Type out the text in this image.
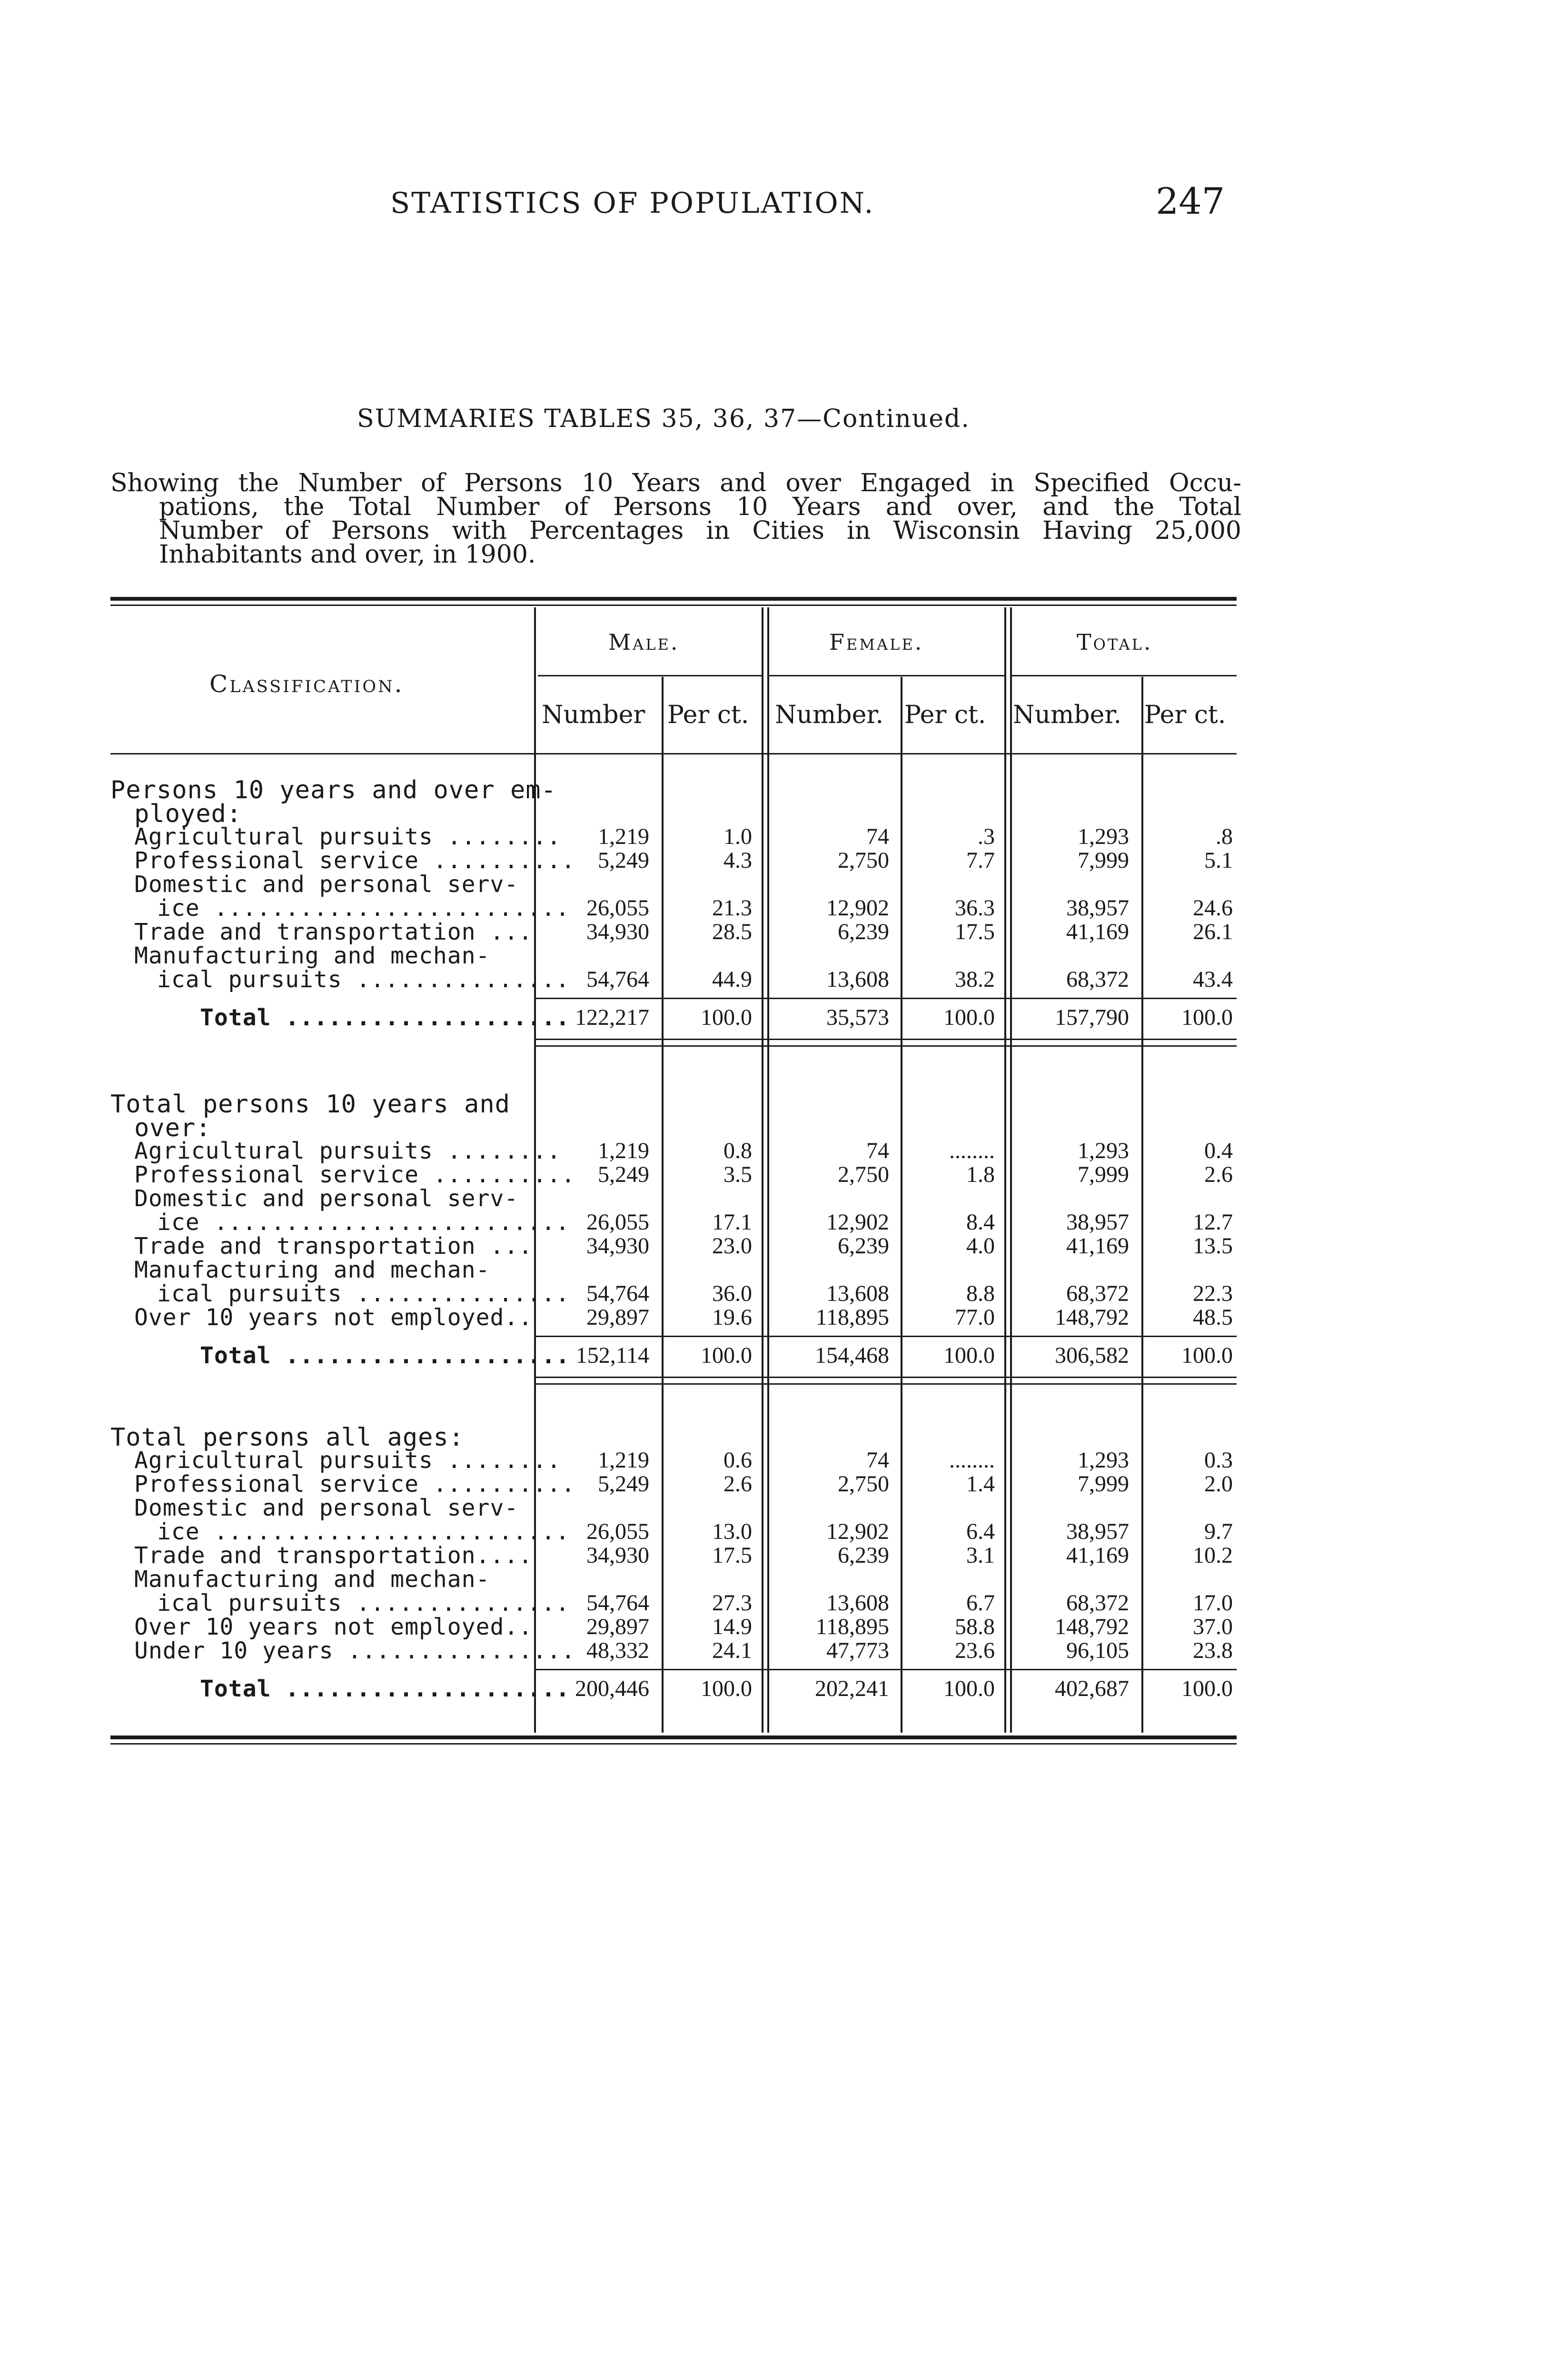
STATISTICS OF POPULATION.	247
SUMMARIES TABLES 35, 36, 37—Continued.
Showing the Number of Persons 10 Years and over Engaged in Specified Occu-
pations, the Total Number of Persons 10 Years and over, and the Total
Number of Persons with Percentages in Cities in Wisconsin Having 25,000
Inhabitants and over, in 1900.
Classification.
Male.	Female.	Total.
Number Per ct. Number. Per ct. Number. Per ct.
Persons 10 years and over em-
ployed:
Agricultural pursuits ........ 1,219	1.0	74	.3	1,293	.8
Professional service .......... 5,249	4.3	2,750	7.7	7,999	5.1
Domestic and personal serv-
ice ......................... 26,055	21.3	12,902	36.3	38,957	24.6
Trade and transportation ... 34,930	28.5	6,239	17.5	41,169	26.1
Manufacturing and mechan-
ical pursuits ............... 54,764	44.9	13,608	38.2	68,372	43.4
Total .................... 122,217 100.0	35,573 100.0	157,790 100.0
Total persons 10 years and
over:
Agricultural pursuits ........ 1,219	0.8	74	........	1,293	0.4
Professional service .......... 5,249	3.5	2,750	1.8	7,999	2.6
Domestic and personal serv-
ice ......................... 26,055	17.1	12,902	8.4	38,957	12.7
Trade and transportation ... 34,930	23.0	6,239	4.0	41,169	13.5
Manufacturing and mechan-
ical pursuits ............... 54,764	36.0	13,608	8.8	68,372	22.3
Over 10 years not employed.. 29,897	19.6	118,895	77.0	148,792	48.5
Total .................... 152,114 100.0	154,468 100.0	306,582 100.0
Total persons all ages:
Agricultural pursuits ........ 1,219	0.6	74	........	1,293	0.3
Professional service .......... 5,249	2.6	2,750	1.4	7,999	2.0
Domestic and personal serv-
ice ......................... 26,055	13.0	12,902	6.4	38,957	9.7
Trade and transportation.... 34,930	17.5	6,239	3.1	41,169	10.2
Manufacturing and mechan-
ical pursuits ............... 54,764	27.3	13,608	6.7	68,372	17.0
Over 10 years not employed.. 29,897	14.9	118,895	58.8	148,792	37.0
Under 10 years ................ 48,332	24.1	47,773	23.6	96,105	23.8
Total .................... 200,446 100.0	202,241 100.0	402,687 100.0
